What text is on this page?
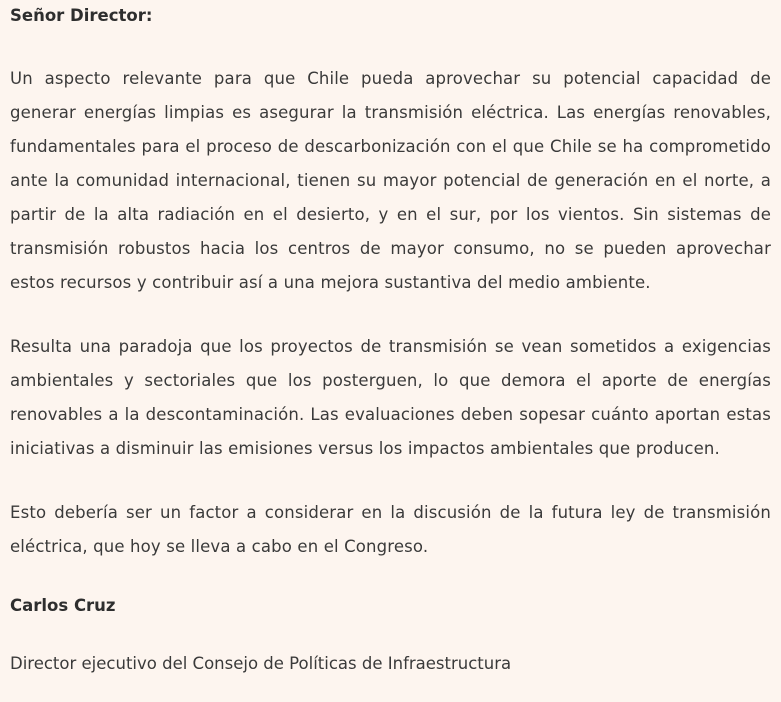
Señor Director:

Un aspecto relevante para que Chile pueda aprovechar su potencial capacidad de generar energías limpias es asegurar la transmisión eléctrica. Las energías renovables, fundamentales para el proceso de descarbonización con el que Chile se ha comprometido ante la comunidad internacional, tienen su mayor potencial de generación en el norte, a partir de la alta radiación en el desierto, y en el sur, por los vientos. Sin sistemas de transmisión robustos hacia los centros de mayor consumo, no se pueden aprovechar estos recursos y contribuir así a una mejora sustantiva del medio ambiente.

Resulta una paradoja que los proyectos de transmisión se vean sometidos a exigencias ambientales y sectoriales que los posterguen, lo que demora el aporte de energías renovables a la descontaminación. Las evaluaciones deben sopesar cuánto aportan estas iniciativas a disminuir las emisiones versus los impactos ambientales que producen.

Esto debería ser un factor a considerar en la discusión de la futura ley de transmisión eléctrica, que hoy se lleva a cabo en el Congreso.

Carlos Cruz

Director ejecutivo del Consejo de Políticas de Infraestructura
